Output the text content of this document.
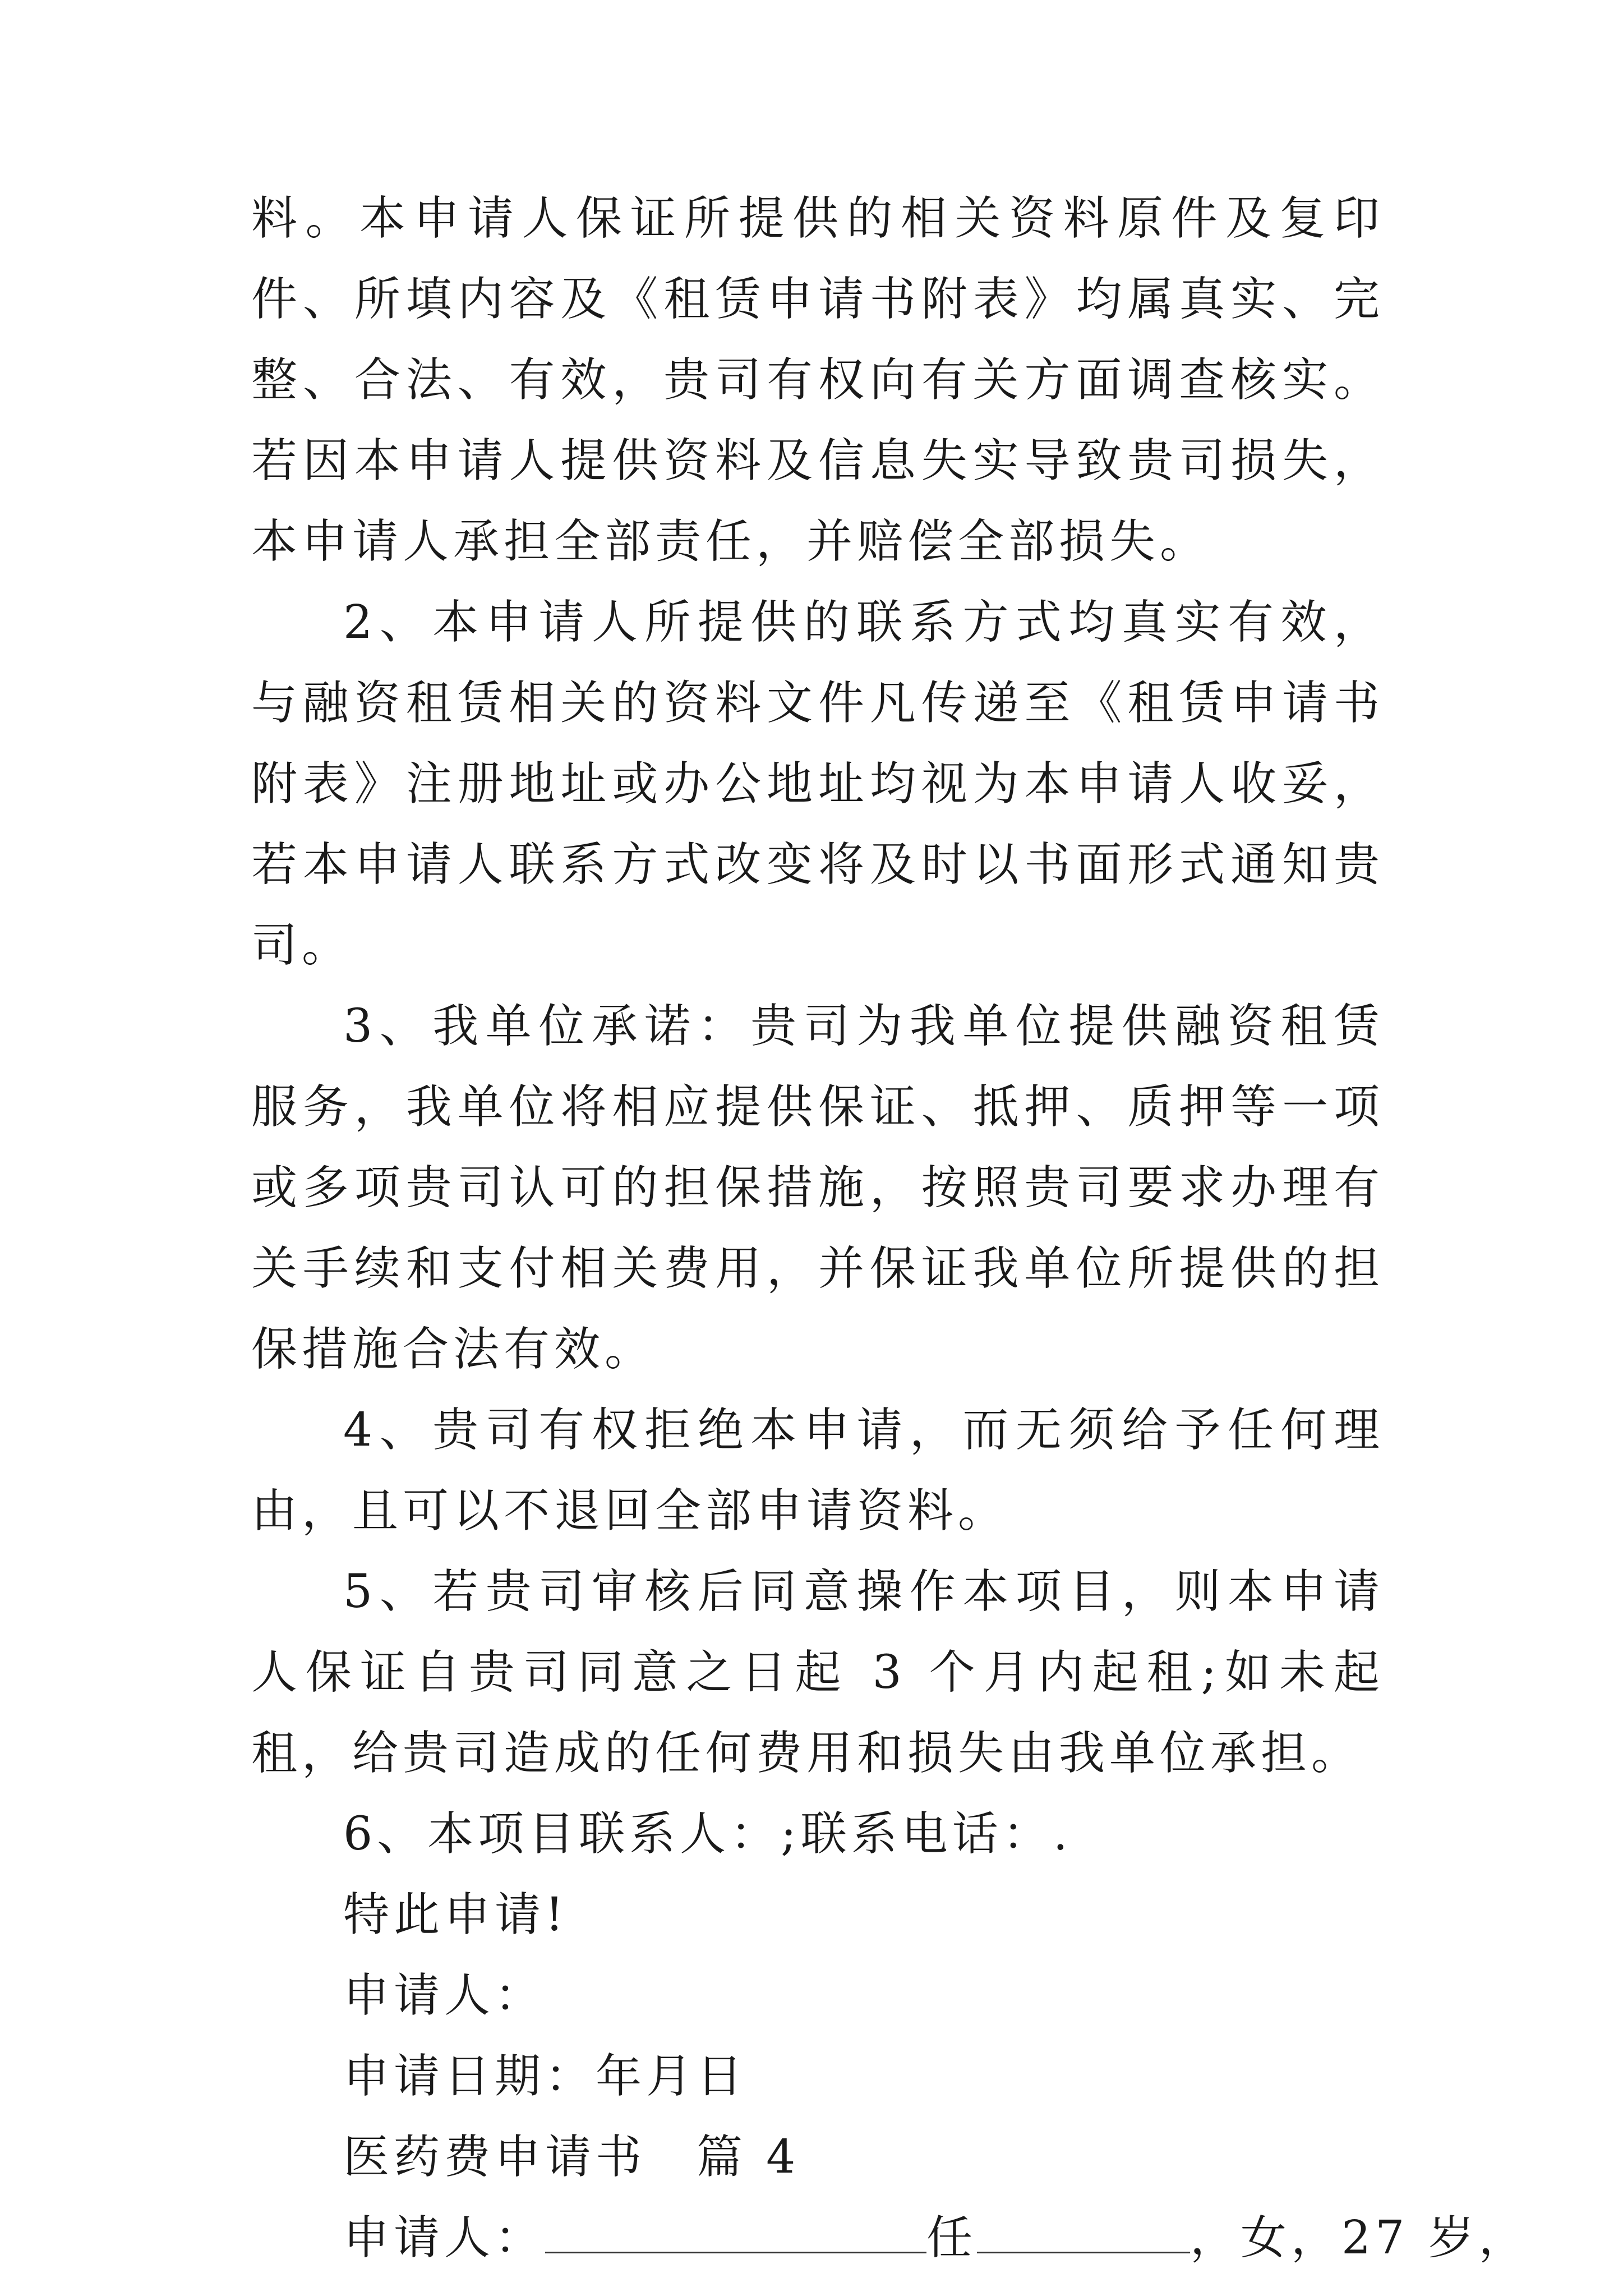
料。本申请人保证所提供的相关资料原件及复印件、所填内容及《租赁申请书附表》均属真实、完整、合法、有效，贵司有权向有关方面调查核实。若因本申请人提供资料及信息失实导致贵司损失，本申请人承担全部责任，并赔偿全部损失。

2、本申请人所提供的联系方式均真实有效，与融资租赁相关的资料文件凡传递至《租赁申请书附表》注册地址或办公地址均视为本申请人收妥，若本申请人联系方式改变将及时以书面形式通知贵司。

3、我单位承诺：贵司为我单位提供融资租赁服务，我单位将相应提供保证、抵押、质押等一项或多项贵司认可的担保措施，按照贵司要求办理有关手续和支付相关费用，并保证我单位所提供的担保措施合法有效。

4、贵司有权拒绝本申请，而无须给予任何理由，且可以不退回全部申请资料。

5、若贵司审核后同意操作本项目，则本申请人保证自贵司同意之日起 3 个月内起租;如未起租，给贵司造成的任何费用和损失由我单位承担。

6、本项目联系人：;联系电话：.

特此申请!

申请人：

申请日期：年月日

医药费申请书　篇 4

申请人：	任	，女，27 岁，
